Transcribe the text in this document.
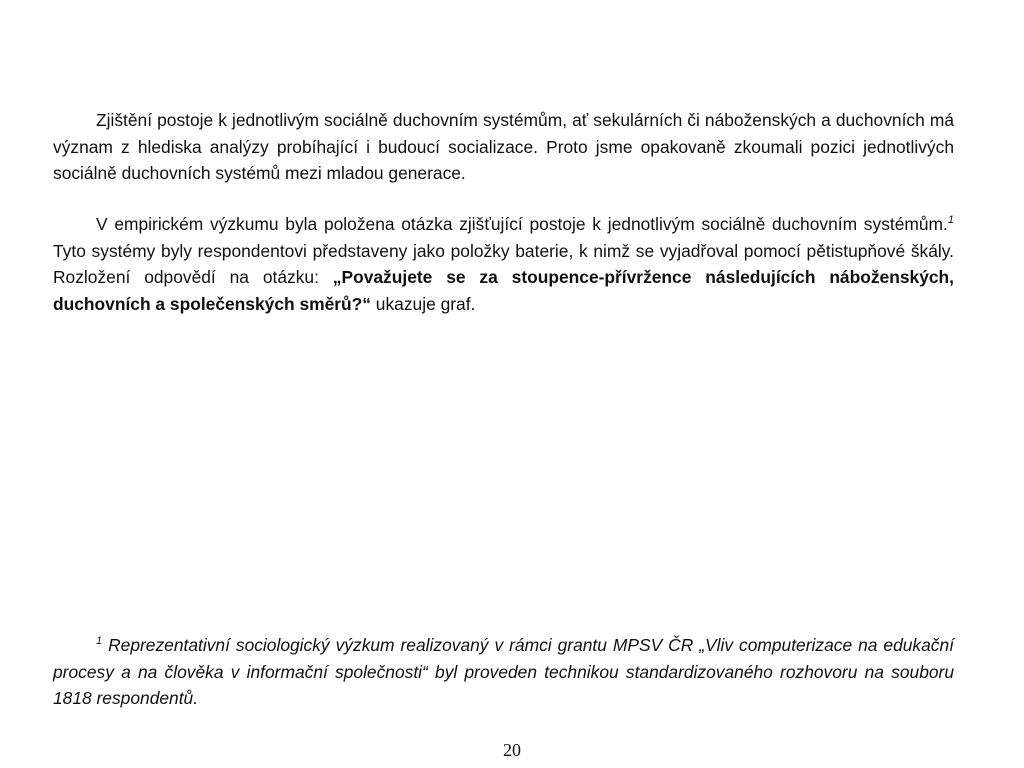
Zjištění postoje k jednotlivým sociálně duchovním systémům, ať sekulárních či náboženských a duchovních má význam z hlediska analýzy probíhající i budoucí socializace. Proto jsme opakovaně zkoumali pozici jednotlivých sociálně duchovních systémů mezi mladou generace.

V empirickém výzkumu byla položena otázka zjišťující postoje k jednotlivým sociálně duchovním systémům.$^1$ Tyto systémy byly respondentovi představeny jako položky baterie, k nimž se vyjadřoval pomocí pětistupňové škály. Rozložení odpovědí na otázku: „Považujete se za stoupence-přívržence následujících náboženských, duchovních a společenských směrů?“ ukazuje graf.

$^1$ Reprezentativní sociologický výzkum realizovaný v rámci grantu MPSV ČR „Vliv computerizace na edukační procesy a na člověka v informační společnosti“ byl proveden technikou standardizovaného rozhovoru na souboru 1818 respondentů.

20
